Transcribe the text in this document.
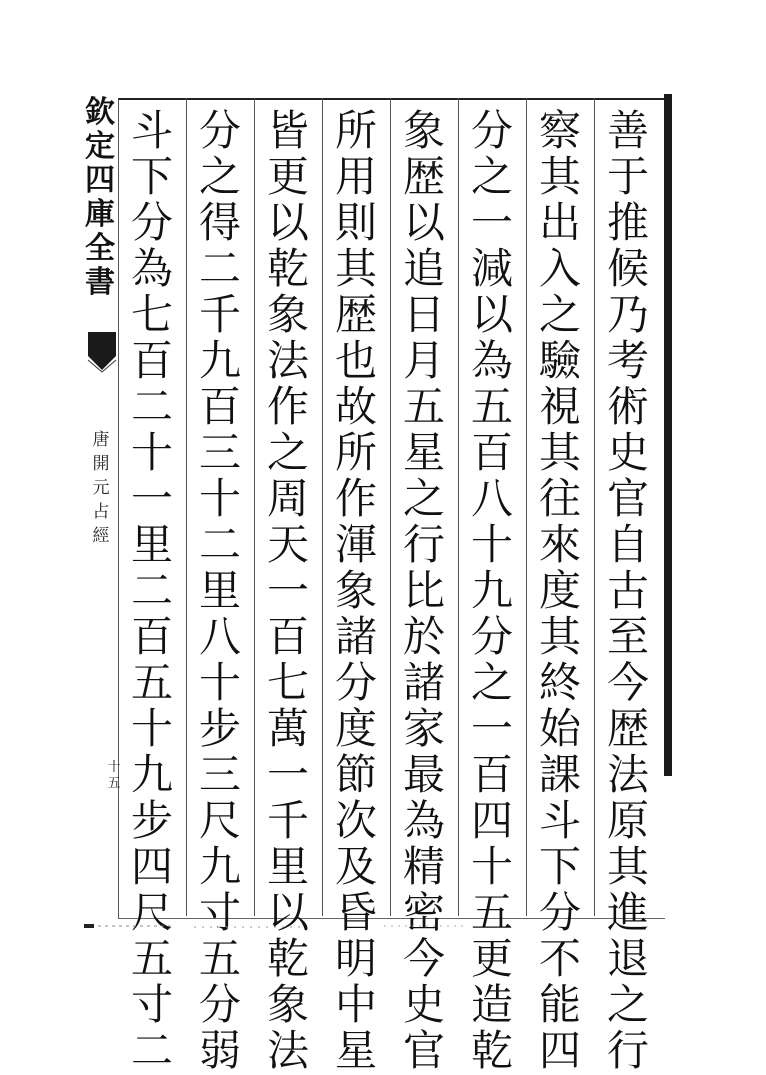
善
于
推
候
乃
考
術
史
官
自
古
至
今
歴
法
原
其
進
退
之
行
察
其
出
入
之
驗
視
其
往
來
度
其
終
始
課
斗
下
分
不
能
四
分
之
一
減
以
為
五
百
八
十
九
分
之
一
百
四
十
五
更
造
乾
象
歴
以
追
日
月
五
星
之
行
比
於
諸
家
最
為
精
密
今
史
官
所
用
則
其
歴
也
故
所
作
渾
象
諸
分
度
節
次
及
昏
明
中
星
皆
更
以
乾
象
法
作
之
周
天
一
百
七
萬
一
千
里
以
乾
象
法
分
之
得
二
千
九
百
三
十
二
里
八
十
步
三
尺
九
寸
五
分
弱
斗
下
分
為
七
百
二
十
一
里
二
百
五
十
九
步
四
尺
五
寸
二
欽
定
四
庫
全
書
唐
開
元
占
經
十
五
